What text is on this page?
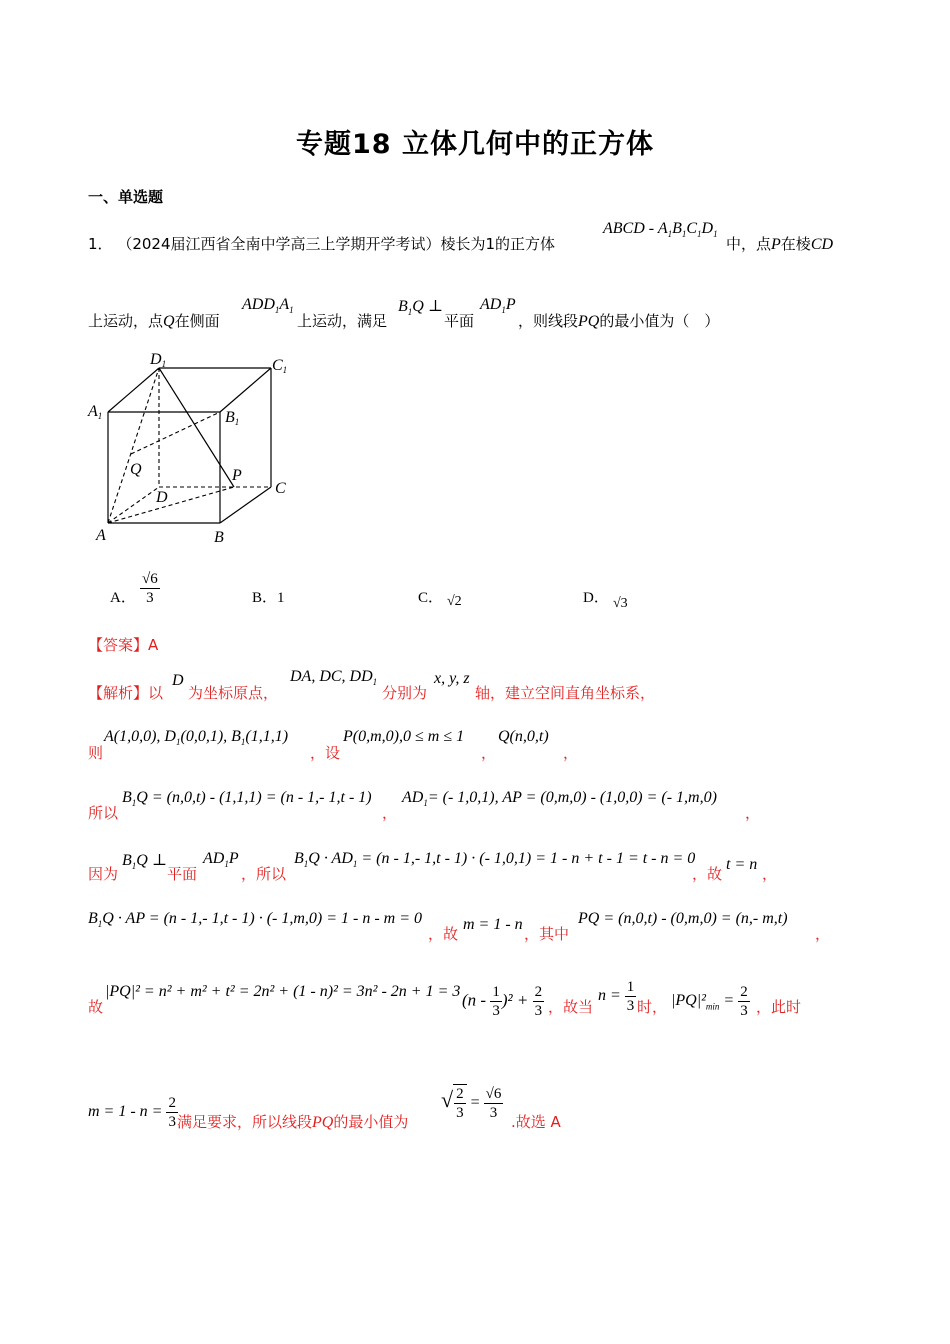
专题18 立体几何中的正方体
一、单选题
1． （2024届江西省全南中学高三上学期开学考试）棱长为1的正方体
ABCD - $A_1B_1C_1D_1$
中，点P在棱CD
上运动，点Q在侧面
$ADD_1A_1$
上运动，满足
$B_1Q$ ⊥
平面
$AD_1P$
，则线段PQ的最小值为（　）
D1	C1
A1	B1
Q	P
D
C
A	B
A． $\frac{√6}{3}$	B．1	C． √2	D． √3
【答案】A
【解析】以
D
为坐标原点，
DA, DC, $DD_1$
分别为
x, y, z
轴，建立空间直角坐标系，
则
A(1,0,0), $D_1(0,0,1)$, $B_1(1,1,1)$
，设
P(0,m,0),0 ≤ m ≤ 1
，
Q(n,0,t)
，
所以
$B_1Q = (n,0,t) - (1,1,1) = (n - 1,-$ 1,t - 1)
，
$AD_1=$ (- 1,0,1), AP = (0,m,0) - (1,0,0) = (- 1,m,0)
，
因为
$B_1Q$ ⊥
平面
$AD_1P$
，所以
$B_1Q \cdot AD_1 = (n - 1,-$ 1,t - 1) · (- 1,0,1) = 1 - n + t - 1 = t - n = 0
，故
t = n
，
$B_1Q$ · AP = (n - 1,- 1,t - 1) · (- 1,m,0) = 1 - n - m = 0
，故
m = 1 - n
，其中
PQ = (n,0,t) - (0,m,0) = (n,- m,t)
，
故
|PQ|² = n² + m² + t² = 2n² + (1 - n)² = 3n² - 2n + 1 = 3 $(n - \frac{1}{3} )^2 + \frac{2}{3}$ ，故当
$n = \frac{1}{3}$ 时， $|PQ|^2_{min} = \frac{2}{3}$ ，此时
$m = 1 - n = \frac{2}{3}$ 满足要求，所以线段PQ的最小值为
√ $\frac{2}{3} = \frac{√6}{3}$ .故选 A
